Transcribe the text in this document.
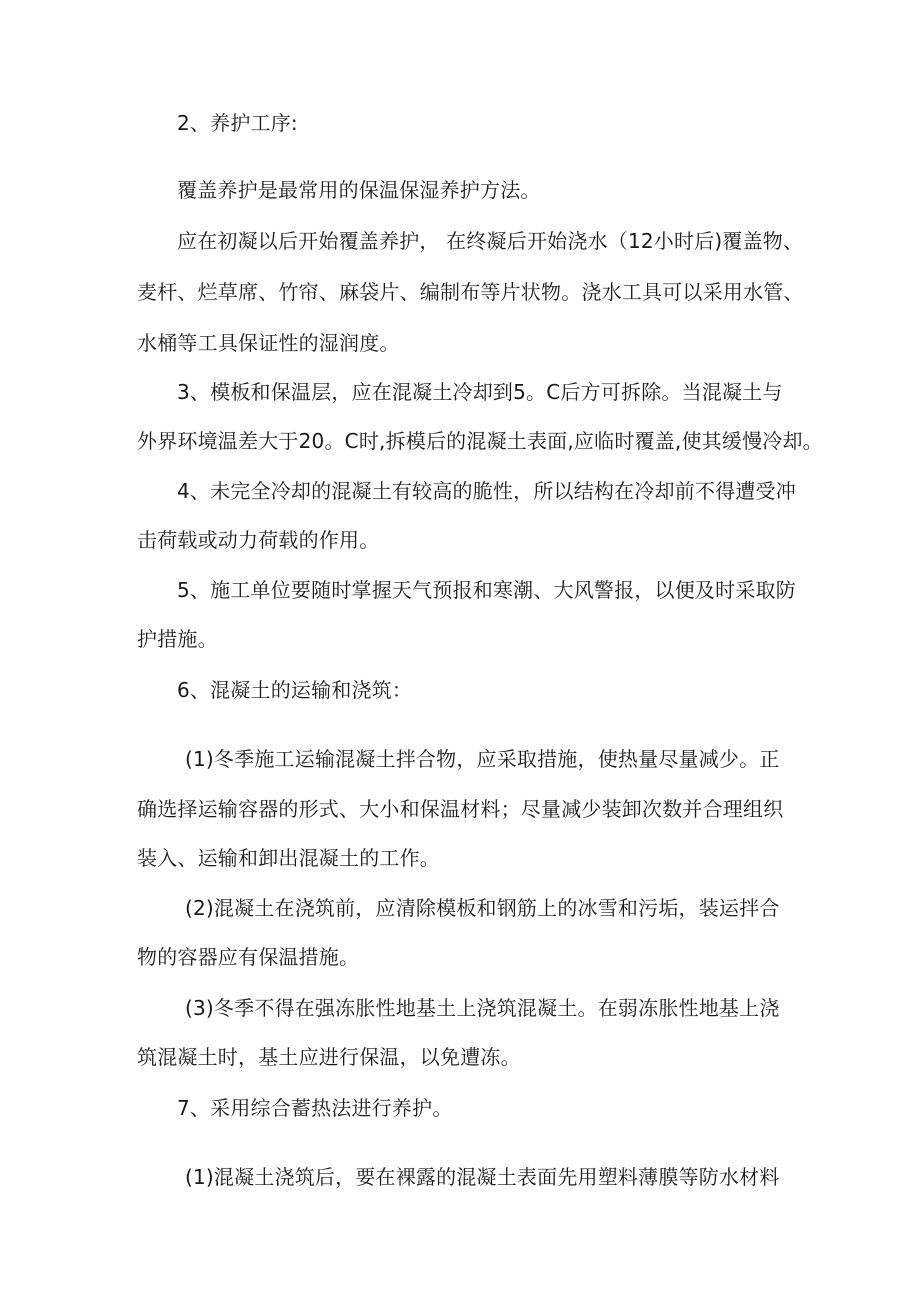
2、养护工序:
覆盖养护是最常用的保温保湿养护方法。
应在初凝以后开始覆盖养护， 在终凝后开始浇水（12小时后)覆盖物、
麦杆、烂草席、竹帘、麻袋片、编制布等片状物。浇水工具可以采用水管、
水桶等工具保证性的湿润度。
3、模板和保温层，应在混凝土冷却到5。C后方可拆除。当混凝土与
外界环境温差大于20。C时,拆模后的混凝土表面,应临时覆盖,使其缓慢冷却。
4、未完全冷却的混凝土有较高的脆性，所以结构在冷却前不得遭受冲
击荷载或动力荷载的作用。
5、施工单位要随时掌握天气预报和寒潮、大风警报，以便及时采取防
护措施。
6、混凝土的运输和浇筑：
(1)冬季施工运输混凝土拌合物，应采取措施，使热量尽量减少。正
确选择运输容器的形式、大小和保温材料；尽量减少装卸次数并合理组织
装入、运输和卸出混凝土的工作。
(2)混凝土在浇筑前，应清除模板和钢筋上的冰雪和污垢，装运拌合
物的容器应有保温措施。
(3)冬季不得在强冻胀性地基土上浇筑混凝土。在弱冻胀性地基上浇
筑混凝土时，基土应进行保温，以免遭冻。
7、采用综合蓄热法进行养护。
(1)混凝土浇筑后，要在裸露的混凝土表面先用塑料薄膜等防水材料
